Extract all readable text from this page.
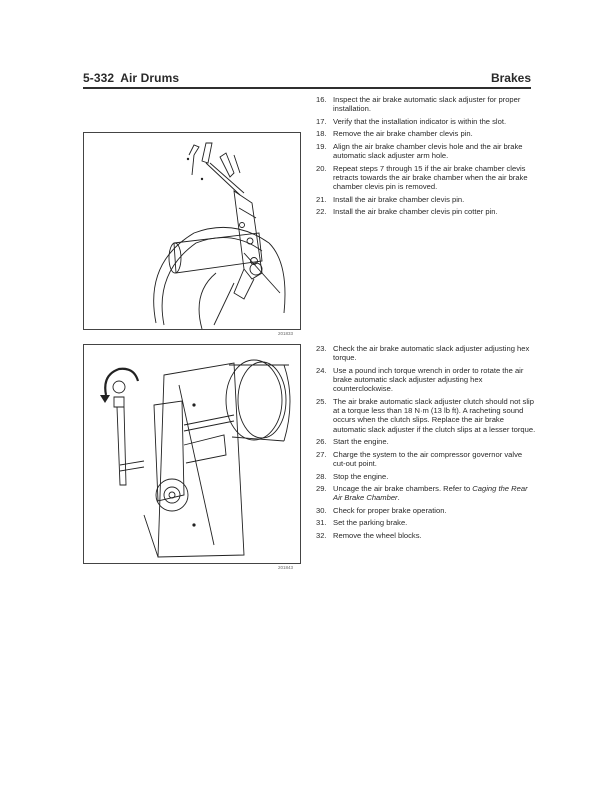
5-332 Air Drums	Brakes
201833
201843
16. Inspect the air brake automatic slack adjuster for proper installation.
17. Verify that the installation indicator is within the slot.
18. Remove the air brake chamber clevis pin.
19. Align the air brake chamber clevis hole and the air brake automatic slack adjuster arm hole.
20. Repeat steps 7 through 15 if the air brake chamber clevis retracts towards the air brake chamber when the air brake chamber clevis pin is removed.
21. Install the air brake chamber clevis pin.
22. Install the air brake chamber clevis pin cotter pin.
23. Check the air brake automatic slack adjuster adjusting hex torque.
24. Use a pound inch torque wrench in order to rotate the air brake automatic slack adjuster adjusting hex counterclockwise.
25. The air brake automatic slack adjuster clutch should not slip at a torque less than 18 N·m (13 lb ft). A racheting sound occurs when the clutch slips. Replace the air brake automatic slack adjuster if the clutch slips at a lesser torque.
26. Start the engine.
27. Charge the system to the air compressor governor valve cut-out point.
28. Stop the engine.
29. Uncage the air brake chambers. Refer to Caging the Rear Air Brake Chamber.
30. Check for proper brake operation.
31. Set the parking brake.
32. Remove the wheel blocks.
